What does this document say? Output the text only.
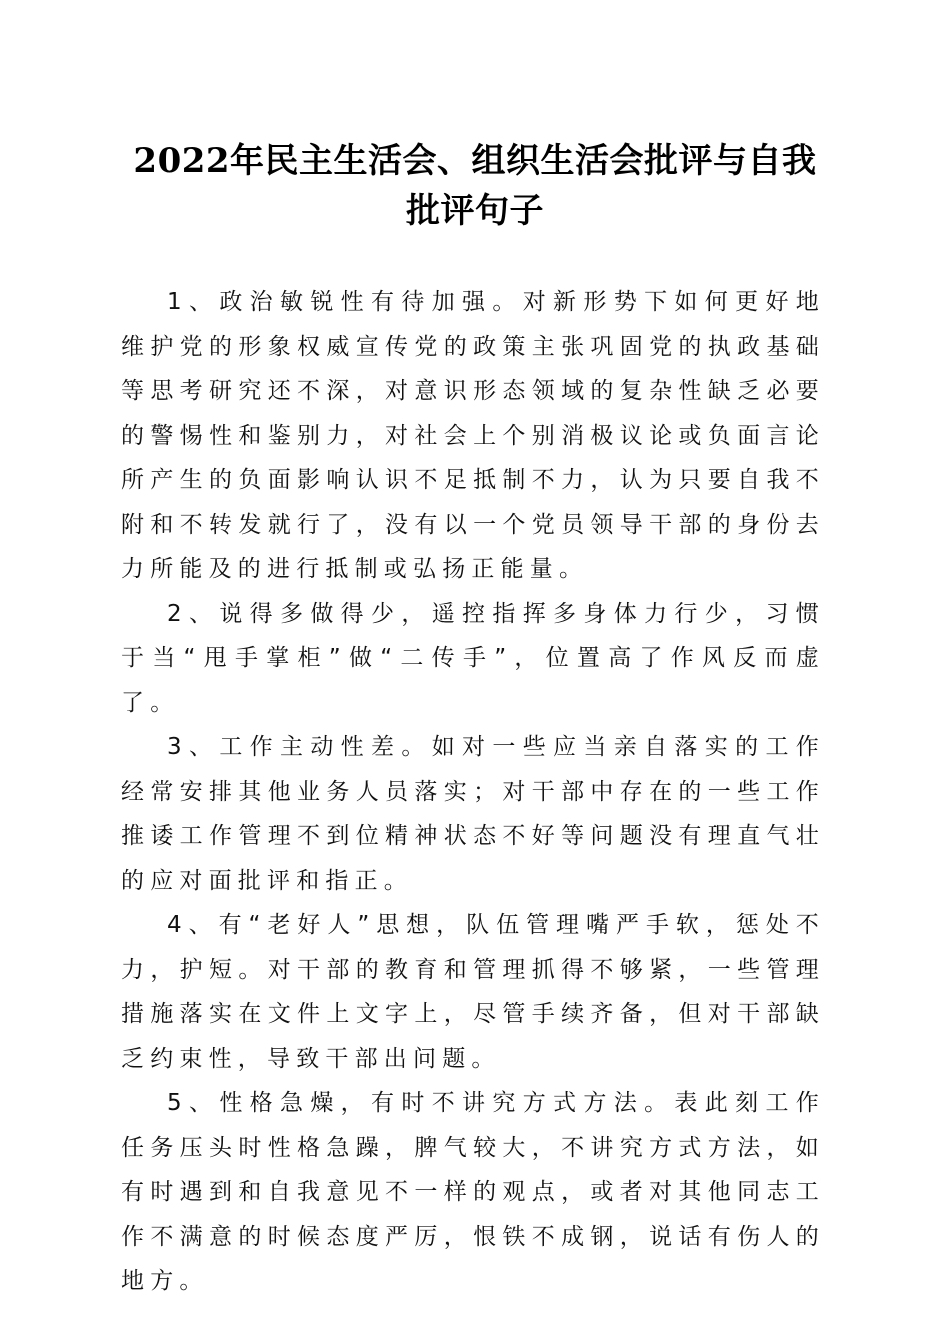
2022年民主生活会、组织生活会批评与自我批评句子

1、政治敏锐性有待加强。对新形势下如何更好地维护党的形象权威宣传党的政策主张巩固党的执政基础等思考研究还不深，对意识形态领域的复杂性缺乏必要的警惕性和鉴别力，对社会上个别消极议论或负面言论所产生的负面影响认识不足抵制不力，认为只要自我不附和不转发就行了，没有以一个党员领导干部的身份去力所能及的进行抵制或弘扬正能量。

2、说得多做得少，遥控指挥多身体力行少，习惯于当“甩手掌柜”做“二传手”，位置高了作风反而虚了。

3、工作主动性差。如对一些应当亲自落实的工作经常安排其他业务人员落实；对干部中存在的一些工作推诿工作管理不到位精神状态不好等问题没有理直气壮的应对面批评和指正。

4、有“老好人”思想，队伍管理嘴严手软，惩处不力，护短。对干部的教育和管理抓得不够紧，一些管理措施落实在文件上文字上，尽管手续齐备，但对干部缺乏约束性，导致干部出问题。

5、性格急燥，有时不讲究方式方法。表此刻工作任务压头时性格急躁，脾气较大，不讲究方式方法，如有时遇到和自我意见不一样的观点，或者对其他同志工作不满意的时候态度严厉，恨铁不成钢，说话有伤人的地方。
